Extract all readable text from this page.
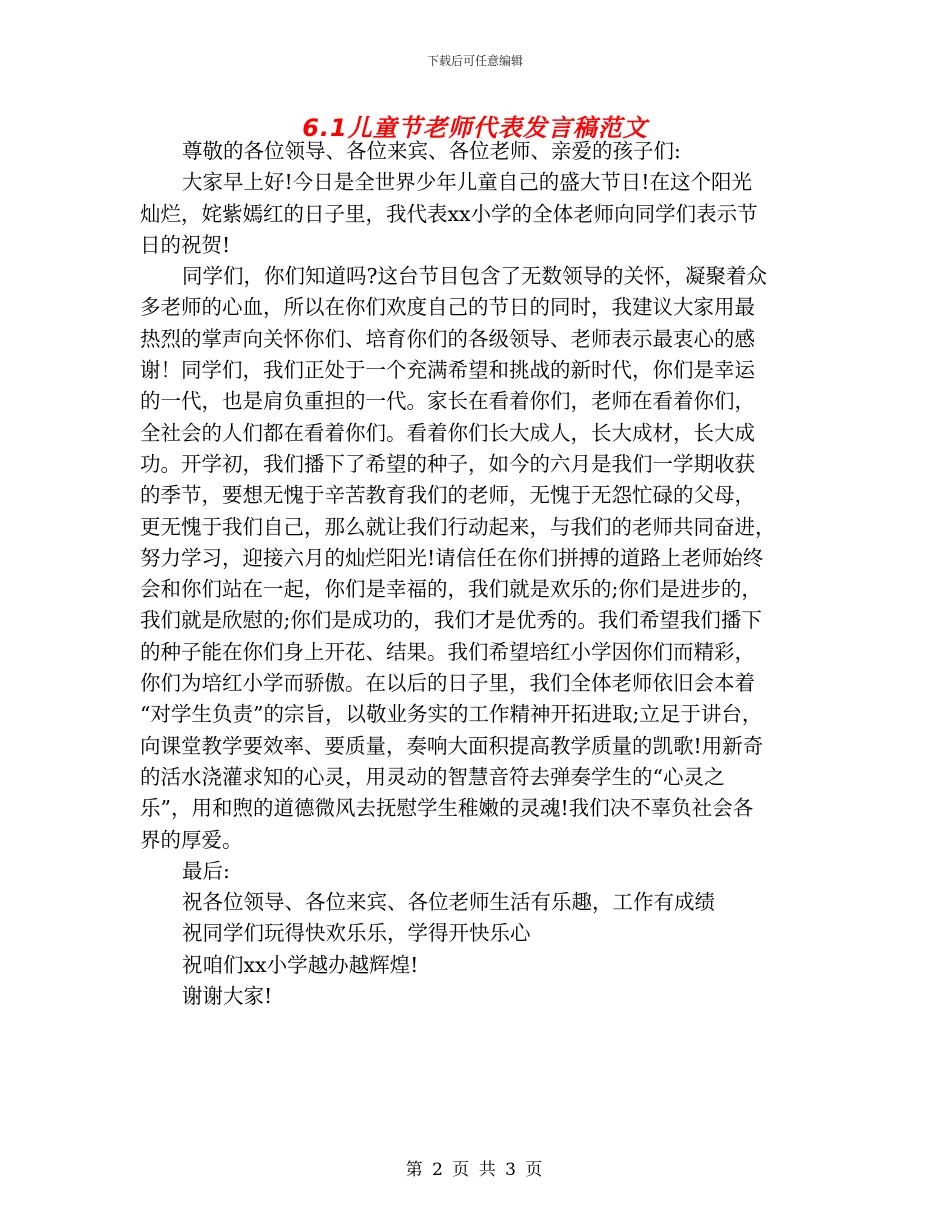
下载后可任意编辑
6.1儿童节老师代表发言稿范文
尊敬的各位领导、各位来宾、各位老师、亲爱的孩子们:
大家早上好!今日是全世界少年儿童自己的盛大节日!在这个阳光
灿烂，姹紫嫣红的日子里，我代表xx小学的全体老师向同学们表示节
日的祝贺!
同学们，你们知道吗?这台节目包含了无数领导的关怀，凝聚着众
多老师的心血，所以在你们欢度自己的节日的同时，我建议大家用最
热烈的掌声向关怀你们、培育你们的各级领导、老师表示最衷心的感
谢！同学们，我们正处于一个充满希望和挑战的新时代，你们是幸运
的一代，也是肩负重担的一代。家长在看着你们，老师在看着你们，
全社会的人们都在看着你们。看着你们长大成人，长大成材，长大成
功。开学初，我们播下了希望的种子，如今的六月是我们一学期收获
的季节，要想无愧于辛苦教育我们的老师，无愧于无怨忙碌的父母，
更无愧于我们自己，那么就让我们行动起来，与我们的老师共同奋进，
努力学习，迎接六月的灿烂阳光!请信任在你们拼搏的道路上老师始终
会和你们站在一起，你们是幸福的，我们就是欢乐的;你们是进步的，
我们就是欣慰的;你们是成功的，我们才是优秀的。我们希望我们播下
的种子能在你们身上开花、结果。我们希望培红小学因你们而精彩，
你们为培红小学而骄傲。在以后的日子里，我们全体老师依旧会本着
“对学生负责”的宗旨，以敬业务实的工作精神开拓进取;立足于讲台，
向课堂教学要效率、要质量，奏响大面积提高教学质量的凯歌!用新奇
的活水浇灌求知的心灵，用灵动的智慧音符去弹奏学生的“心灵之
乐”，用和煦的道德微风去抚慰学生稚嫩的灵魂!我们决不辜负社会各
界的厚爱。
最后:
祝各位领导、各位来宾、各位老师生活有乐趣，工作有成绩
祝同学们玩得快欢乐乐，学得开快乐心
祝咱们xx小学越办越辉煌!
谢谢大家!
第 2 页 共 3 页
